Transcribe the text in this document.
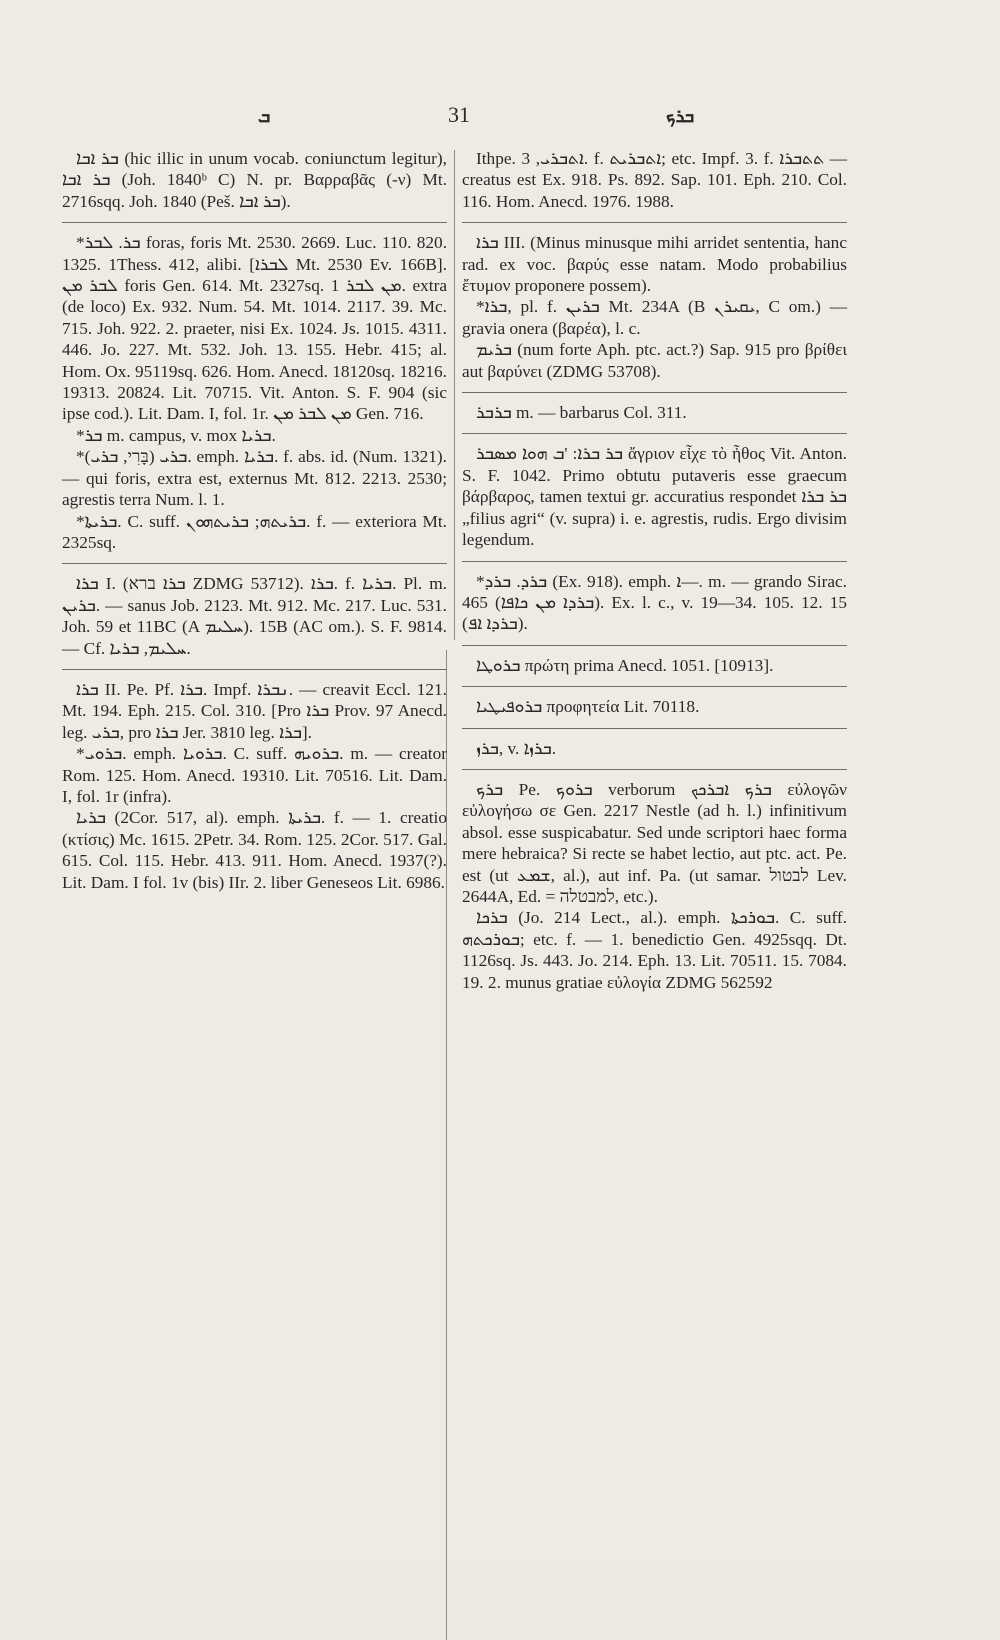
ܒ	31	ܒܪܟ

ܒܪ ܐܒܐ (hic illic in unum vocab. coniunctum legitur), ܒܪ ܐܒܐ (Joh. 1840ᵇ C) N. pr. Βαρραβᾶς (-ν) Mt. 2716sqq. Joh. 1840 (Peš. ܒܪ ܐܒܐ).

*ܒܪ. ܠܒܪ foras, foris Mt. 2530. 2669. Luc. 110. 820. 1325. 1Thess. 412, alibi. [ܠܒܪܐ Mt. 2530 Ev. 166B]. ܠܒܪ ܡܢ foris Gen. 614. Mt. 2327sq. ܡܢ ܠܒܪ 1. extra (de loco) Ex. 932. Num. 54. Mt. 1014. 2117. 39. Mc. 715. Joh. 922. 2. praeter, nisi Ex. 1024. Js. 1015. 4311. 446. Jo. 227. Mt. 532. Joh. 13. 155. Hebr. 415; al. Hom. Ox. 95119sq. 626. Hom. Anecd. 18120sq. 18216. 19313. 20824. Lit. 70715. Vit. Anton. S. F. 904 (sic ipse cod.). Lit. Dam. I, fol. 1r. ܡܢ ܠܒܪ ܡܢ Gen. 716.

*ܒܪ m. campus, v. mox ܒܪܝܐ.

*ܒܪܝ (בָּרִי, ܒܪܝ). emph. ܒܪܝܐ. f. abs. id. (Num. 1321). — qui foris, extra est, externus Mt. 812. 2213. 2530; agrestis terra Num. l. 1.

*ܒܪܝܬܐ. C. suff. ܒܪܝܬܗ; ܒܪܝܬܗܘܢ. f. — exteriora Mt. 2325sq.

ܒܪܐ I. (ܒܪܐ ברא ZDMG 53712). ܒܪܐ. f. ܒܪܝܐ. Pl. m. ܒܪܝܢ. — sanus Job. 2123. Mt. 912. Mc. 217. Luc. 531. Joh. 59 et 11BC (A ܚܠܝܡ). 15B (AC om.). S. F. 9814. — Cf. ܚܠܝܡ, ܒܪܝܐ.

ܒܪܐ II. Pe. Pf. ܒܪܐ. Impf. ܢܒܪܐ. — creavit Eccl. 121. Mt. 194. Eph. 215. Col. 310. [Pro ܒܪܐ Prov. 97 Anecd. leg. ܒܪܝ, pro ܒܪܐ Jer. 3810 leg. ܒܪܐ].

*ܒܪܘܝ. emph. ܒܪܘܝܐ. C. suff. ܒܪܘܝܗ. m. — creator Rom. 125. Hom. Anecd. 19310. Lit. 70516. Lit. Dam. I, fol. 1r (infra).

ܒܪܝܐ (2Cor. 517, al). emph. ܒܪܝܬܐ. f. — 1. creatio (κτίσις) Mc. 1615. 2Petr. 34. Rom. 125. 2Cor. 517. Gal. 615. Col. 115. Hebr. 413. 911. Hom. Anecd. 1937(?). Lit. Dam. I fol. 1v (bis) IIr. 2. liber Geneseos Lit. 6986.

Ithpe. ܐܬܒܪܝ, 3. f. ܐܬܒܪܝܬ; etc. Impf. 3. f. ܬܬܒܪܐ — creatus est Ex. 918. Ps. 892. Sap. 101. Eph. 210. Col. 116. Hom. Anecd. 1976. 1988.

ܒܪܐ III. (Minus minusque mihi arridet sententia, hanc rad. ex voc. βαρύς esse natam. Modo probabilius ἔτυμον proponere possem).

*ܒܪܐ, pl. f. ܒܪܝܢ Mt. 234A (B ܝܩܝܪܢ, C om.) — gravia onera (βαρέα), l. c.

ܒܪܝܡ (num forte Aph. ptc. act.?) Sap. 915 pro βρίθει aut βαρύνει (ZDMG 53708).

ܒܪܒܪ m. — barbarus Col. 311.

ܒܪ ܒܪܐ: 'ܒ ܗܘܐ ܡܣܒܪ ἄγριον εἶχε τὸ ἦθος Vit. Anton. S. F. 1042. Primo obtutu putaveris esse graecum βάρβαρος, tamen textui gr. accuratius respondet ܒܪ ܒܪܐ „filius agri“ (v. supra) i. e. agrestis, rudis. Ergo divisim legendum.

*ܒܪܕ. ܒܪܕ (Ex. 918). emph. ܐ—. m. — grando Sirac. 465 (ܒܪܕܐ ܡܢ ܟܐܦܐ). Ex. l. c., v. 19—34. 105. 12. 15 (ܒܪܕܐ ܐܦ).

ܒܪܘܛܐ πρώτη prima Anecd. 1051. [10913].

ܒܪܘܦܝܛܝܐ προφητεία Lit. 70118.

ܒܪܙ, v. ܒܪܙܐ.

ܒܪܟ Pe. ܒܪܘܟ verborum ܒܪܟ ܐܒܪܟܟ εὐλογῶν εὐλογήσω σε Gen. 2217 Nestle (ad h. l.) infinitivum absol. esse suspicabatur. Sed unde scriptori haec forma mere hebraica? Si recte se habet lectio, aut ptc. act. Pe. est (ut ܫܡܥ, al.), aut inf. Pa. (ut samar. לבטול Lev. 2644A, Ed. = למבטלה, etc.).

ܒܪܟܐ (Jo. 214 Lect., al.). emph. ܒܘܪܟܬܐ. C. suff. ܒܘܪܟܬܗ; etc. f. — 1. benedictio Gen. 4925sqq. Dt. 1126sq. Js. 443. Jo. 214. Eph. 13. Lit. 70511. 15. 7084. 19. 2. munus gratiae εὐλογία ZDMG 562592
